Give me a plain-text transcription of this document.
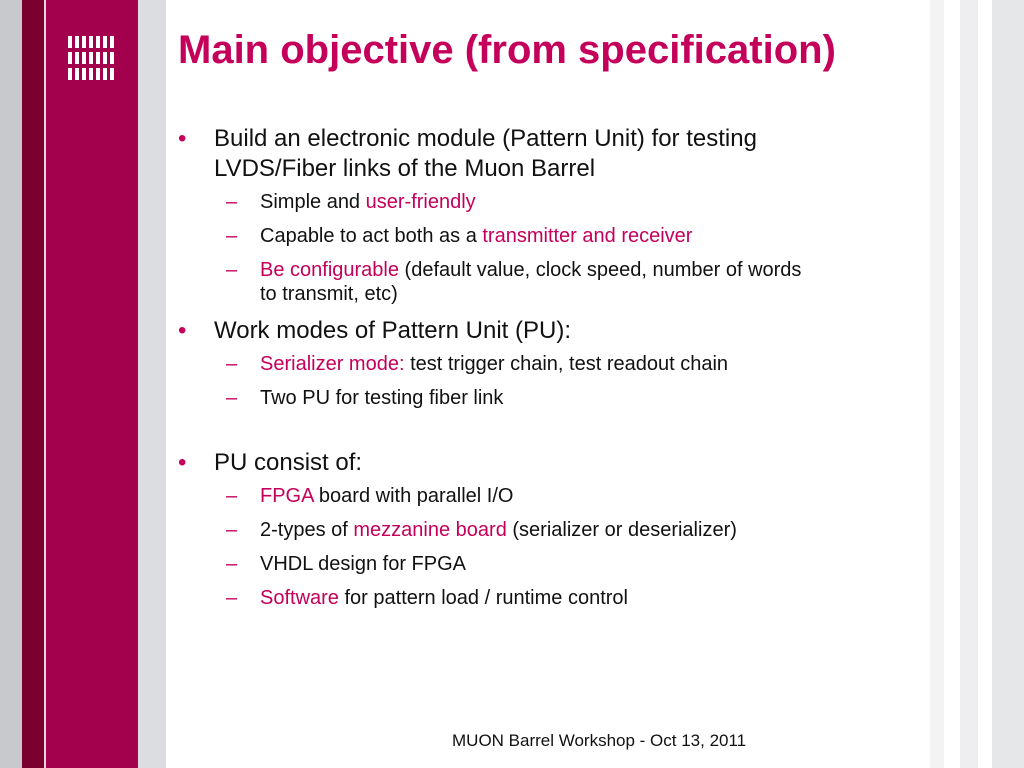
Main objective (from specification)
• Build an electronic module (Pattern Unit) for testing
LVDS/Fiber links of the Muon Barrel
– Simple and user-friendly
– Capable to act both as a transmitter and receiver
– Be configurable (default value, clock speed, number of words
to transmit, etc)
• Work modes of Pattern Unit (PU):
– Serializer mode: test trigger chain, test readout chain
– Two PU for testing fiber link
• PU consist of:
– FPGA board with parallel I/O
– 2-types of mezzanine board (serializer or deserializer)
– VHDL design for FPGA
– Software for pattern load / runtime control
MUON Barrel Workshop - Oct 13, 2011
